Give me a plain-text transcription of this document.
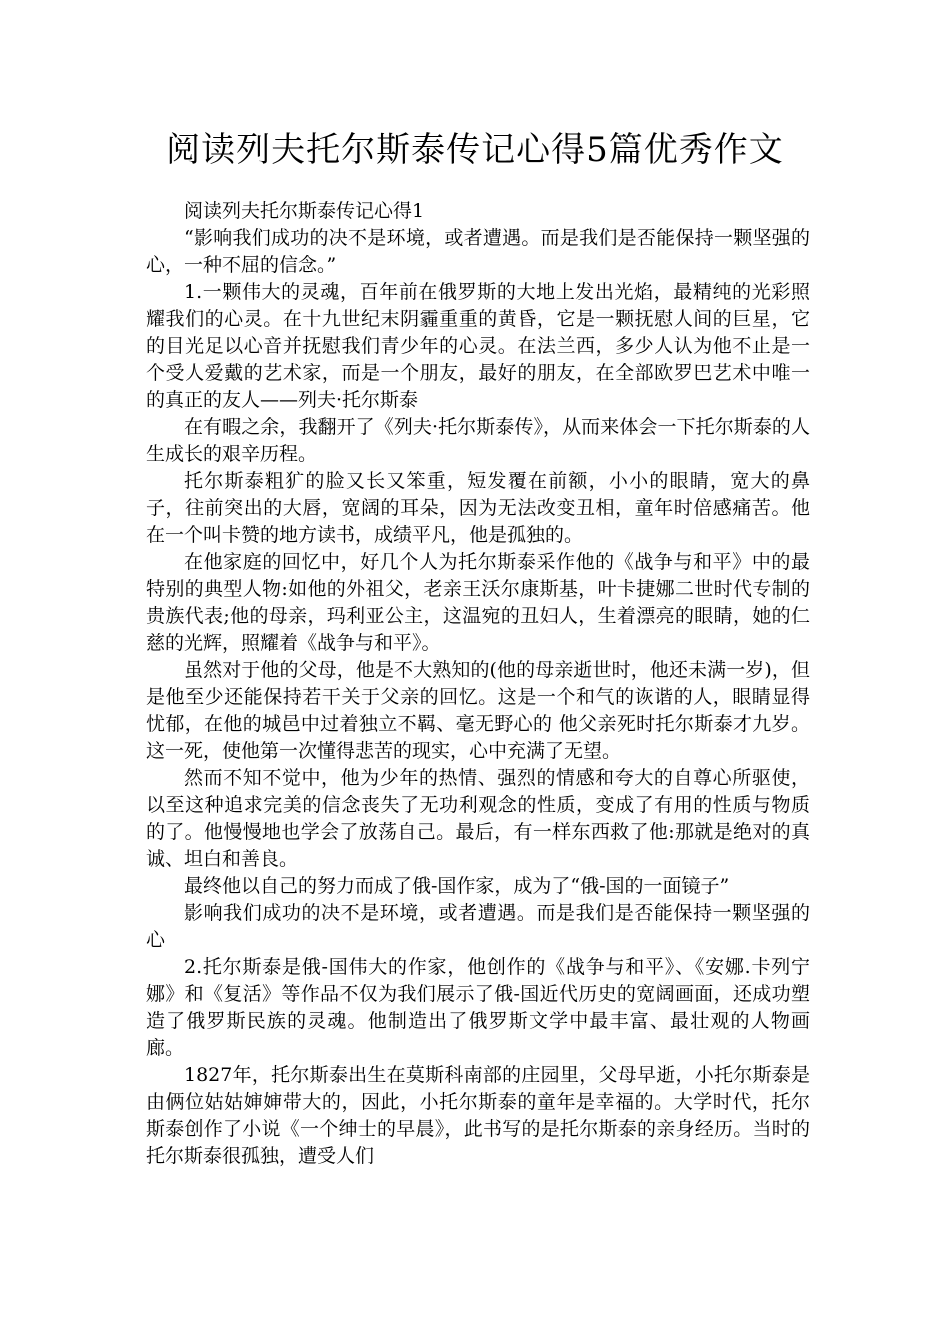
阅读列夫托尔斯泰传记心得5篇优秀作文

阅读列夫托尔斯泰传记心得1

“影响我们成功的决不是环境，或者遭遇。而是我们是否能保持一颗坚强的心，一种不屈的信念。”

1.一颗伟大的灵魂，百年前在俄罗斯的大地上发出光焰，最精纯的光彩照耀我们的心灵。在十九世纪末阴霾重重的黄昏，它是一颗抚慰人间的巨星，它的目光足以心音并抚慰我们青少年的心灵。在法兰西，多少人认为他不止是一个受人爱戴的艺术家，而是一个朋友，最好的朋友，在全部欧罗巴艺术中唯一的真正的友人——列夫·托尔斯泰

在有暇之余，我翻开了《列夫·托尔斯泰传》，从而来体会一下托尔斯泰的人生成长的艰辛历程。

托尔斯泰粗犷的脸又长又笨重，短发覆在前额，小小的眼睛，宽大的鼻子，往前突出的大唇，宽阔的耳朵，因为无法改变丑相，童年时倍感痛苦。他在一个叫卡赞的地方读书，成绩平凡，他是孤独的。

在他家庭的回忆中，好几个人为托尔斯泰采作他的《战争与和平》中的最特别的典型人物:如他的外祖父，老亲王沃尔康斯基，叶卡捷娜二世时代专制的贵族代表;他的母亲，玛利亚公主，这温宛的丑妇人，生着漂亮的眼睛，她的仁慈的光辉，照耀着《战争与和平》。

虽然对于他的父母，他是不大熟知的(他的母亲逝世时，他还未满一岁)，但是他至少还能保持若干关于父亲的回忆。这是一个和气的诙谐的人，眼睛显得忧郁，在他的城邑中过着独立不羁、毫无野心的 他父亲死时托尔斯泰才九岁。这一死，使他第一次懂得悲苦的现实，心中充满了无望。

然而不知不觉中，他为少年的热情、强烈的情感和夸大的自尊心所驱使，以至这种追求完美的信念丧失了无功利观念的性质，变成了有用的性质与物质的了。他慢慢地也学会了放荡自己。最后，有一样东西救了他:那就是绝对的真诚、坦白和善良。

最终他以自己的努力而成了俄-国作家，成为了“俄-国的一面镜子”

影响我们成功的决不是环境，或者遭遇。而是我们是否能保持一颗坚强的心

2.托尔斯泰是俄-国伟大的作家，他创作的《战争与和平》、《安娜.卡列宁娜》和《复活》等作品不仅为我们展示了俄-国近代历史的宽阔画面，还成功塑造了俄罗斯民族的灵魂。他制造出了俄罗斯文学中最丰富、最壮观的人物画廊。

1827年，托尔斯泰出生在莫斯科南部的庄园里，父母早逝，小托尔斯泰是由俩位姑姑婶婶带大的，因此，小托尔斯泰的童年是幸福的。大学时代，托尔斯泰创作了小说《一个绅士的早晨》，此书写的是托尔斯泰的亲身经历。当时的托尔斯泰很孤独，遭受人们
